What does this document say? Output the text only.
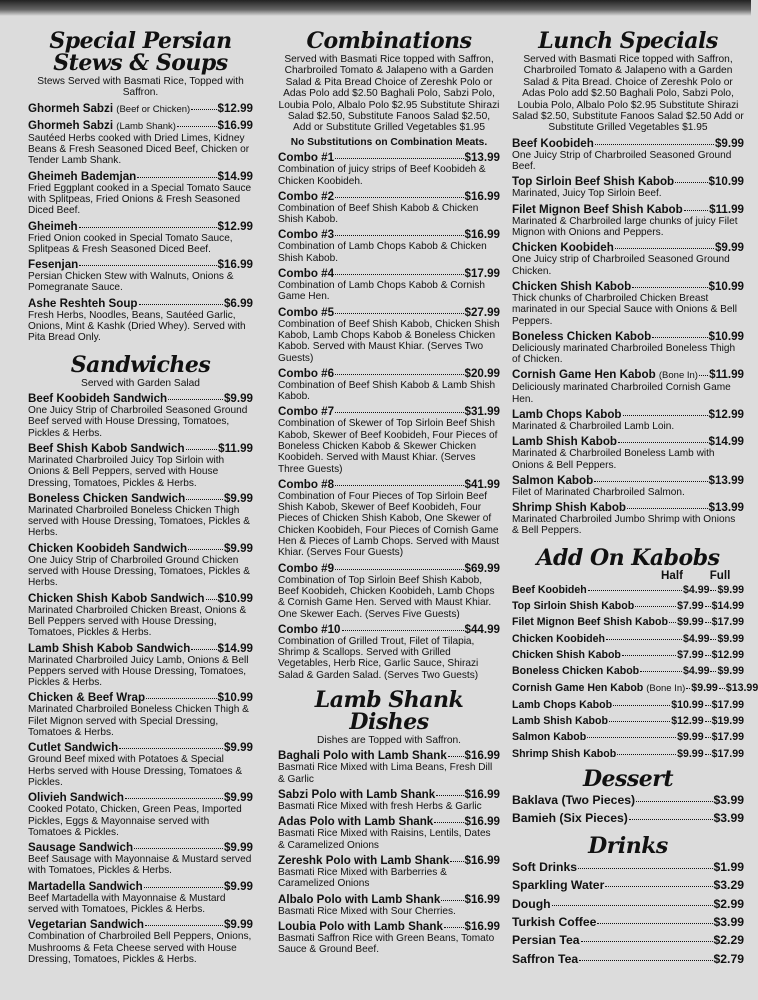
Special Persian
Stews & Soups
Stews Served with Basmati Rice, Topped with Saffron.
Ghormeh Sabzi (Beef or Chicken) $12.99
Ghormeh Sabzi (Lamb Shank)	$16.99
Sautéed Herbs cooked with Dried Limes, Kidney Beans & Fresh Seasoned Diced Beef, Chicken or Tender Lamb Shank.
Gheimeh Bademjan	$14.99
Fried Eggplant cooked in a Special Tomato Sauce with Splitpeas, Fried Onions & Fresh Seasoned Diced Beef.
Gheimeh	$12.99
Fried Onion cooked in Special Tomato Sauce, Splitpeas & Fresh Seasoned Diced Beef.
Fesenjan	$16.99
Persian Chicken Stew with Walnuts, Onions & Pomegranate Sauce.
Ashe Reshteh Soup	$6.99
Fresh Herbs, Noodles, Beans, Sautéed Garlic, Onions, Mint & Kashk (Dried Whey). Served with Pita Bread Only.
Sandwiches
Served with Garden Salad
Beef Koobideh Sandwich	$9.99
One Juicy Strip of Charbroiled Seasoned Ground Beef served with House Dressing, Tomatoes, Pickles & Herbs.
Beef Shish Kabob Sandwich	$11.99
Marinated Charbroiled Juicy Top Sirloin with Onions & Bell Peppers, served with House Dressing, Tomatoes, Pickles & Herbs.
Boneless Chicken Sandwich	$9.99
Marinated Charbroiled Boneless Chicken Thigh served with House Dressing, Tomatoes, Pickles & Herbs.
Chicken Koobideh Sandwich	$9.99
One Juicy Strip of Charbroiled Ground Chicken served with House Dressing, Tomatoes, Pickles & Herbs.
Chicken Shish Kabob Sandwich $10.99
Marinated Charbroiled Chicken Breast, Onions & Bell Peppers served with House Dressing, Tomatoes, Pickles & Herbs.
Lamb Shish Kabob Sandwich $14.99
Marinated Charbroiled Juicy Lamb, Onions & Bell Peppers served with House Dressing, Tomatoes, Pickles & Herbs.
Chicken & Beef Wrap	$10.99
Marinated Charbroiled Boneless Chicken Thigh & Filet Mignon served with Special Dressing, Tomatoes & Herbs.
Cutlet Sandwich	$9.99
Ground Beef mixed with Potatoes & Special Herbs served with House Dressing, Tomatoes & Pickles.
Olivieh Sandwich	$9.99
Cooked Potato, Chicken, Green Peas, Imported Pickles, Eggs & Mayonnaise served with Tomatoes & Pickles.
Sausage Sandwich	$9.99
Beef Sausage with Mayonnaise & Mustard served with Tomatoes, Pickles & Herbs.
Martadella Sandwich	$9.99
Beef Martadella with Mayonnaise & Mustard served with Tomatoes, Pickles & Herbs.
Vegetarian Sandwich	$9.99
Combination of Charbroiled Bell Peppers, Onions, Mushrooms & Feta Cheese served with House Dressing, Tomatoes, Pickles & Herbs.
Combinations
Served with Basmati Rice topped with Saffron, Charbroiled Tomato & Jalapeno with a Garden Salad & Pita Bread Choice of Zereshk Polo or Adas Polo add $2.50 Baghali Polo, Sabzi Polo, Loubia Polo, Albalo Polo $2.95 Substitute Shirazi Salad $2.50, Substitute Fanoos Salad $2.50, Add or Substitute Grilled Vegetables $1.95
No Substitutions on Combination Meats.
Combo #1	$13.99
Combination of juicy strips of Beef Koobideh & Chicken Koobideh.
Combo #2	$16.99
Combination of Beef Shish Kabob & Chicken Shish Kabob.
Combo #3	$16.99
Combination of Lamb Chops Kabob & Chicken Shish Kabob.
Combo #4	$17.99
Combination of Lamb Chops Kabob & Cornish Game Hen.
Combo #5	$27.99
Combination of Beef Shish Kabob, Chicken Shish Kabob, Lamb Chops Kabob & Boneless Chicken Kabob. Served with Maust Khiar. (Serves Two Guests)
Combo #6	$20.99
Combination of Beef Shish Kabob & Lamb Shish Kabob.
Combo #7	$31.99
Combination of Skewer of Top Sirloin Beef Shish Kabob, Skewer of Beef Koobideh, Four Pieces of Boneless Chicken Kabob & Skewer Chicken Koobideh. Served with Maust Khiar. (Serves Three Guests)
Combo #8	$41.99
Combination of Four Pieces of Top Sirloin Beef Shish Kabob, Skewer of Beef Koobideh, Four Pieces of Chicken Shish Kabob, One Skewer of Chicken Koobideh, Four Pieces of Cornish Game Hen & Pieces of Lamb Chops. Served with Maust Khiar. (Serves Four Guests)
Combo #9	$69.99
Combination of Top Sirloin Beef Shish Kabob, Beef Koobideh, Chicken Koobideh, Lamb Chops & Cornish Game Hen. Served with Maust Khiar. One Skewer Each. (Serves Five Guests)
Combo #10	$44.99
Combination of Grilled Trout, Filet of Tilapia, Shrimp & Scallops. Served with Grilled Vegetables, Herb Rice, Garlic Sauce, Shirazi Salad & Garden Salad. (Serves Two Guests)
Lamb Shank Dishes
Dishes are Topped with Saffron.
Baghali Polo with Lamb Shank $16.99
Basmati Rice Mixed with Lima Beans, Fresh Dill & Garlic
Sabzi Polo with Lamb Shank	$16.99
Basmati Rice Mixed with fresh Herbs & Garlic
Adas Polo with Lamb Shank	$16.99
Basmati Rice Mixed with Raisins, Lentils, Dates & Caramelized Onions
Zereshk Polo with Lamb Shank $16.99
Basmati Rice Mixed with Barberries & Caramelized Onions
Albalo Polo with Lamb Shank $16.99
Basmati Rice Mixed with Sour Cherries.
Loubia Polo with Lamb Shank $16.99
Basmati Saffron Rice with Green Beans, Tomato Sauce & Ground Beef.
Lunch Specials
Served with Basmati Rice topped with Saffron, Charbroiled Tomato & Jalapeno with a Garden Salad & Pita Bread. Choice of Zereshk Polo or Adas Polo add $2.50 Baghali Polo, Sabzi Polo, Loubia Polo, Albalo Polo $2.95 Substitute Shirazi Salad $2.50, Substitute Fanoos Salad $2.50 Add or Substitute Grilled Vegetables $1.95
Beef Koobideh	$9.99
One Juicy Strip of Charbroiled Seasoned Ground Beef.
Top Sirloin Beef Shish Kabob	$10.99
Marinated, Juicy Top Sirloin Beef.
Filet Mignon Beef Shish Kabob $11.99
Marinated & Charbroiled large chunks of juicy Filet Mignon with Onions and Peppers.
Chicken Koobideh	$9.99
One Juicy strip of Charbroiled Seasoned Ground Chicken.
Chicken Shish Kabob	$10.99
Thick chunks of Charbroiled Chicken Breast marinated in our Special Sauce with Onions & Bell Peppers.
Boneless Chicken Kabob	$10.99
Deliciously marinated Charbroiled Boneless Thigh of Chicken.
Cornish Game Hen Kabob (Bone In) $11.99
Deliciously marinated Charbroiled Cornish Game Hen.
Lamb Chops Kabob	$12.99
Marinated & Charbroiled Lamb Loin.
Lamb Shish Kabob	$14.99
Marinated & Charbroiled Boneless Lamb with Onions & Bell Peppers.
Salmon Kabob	$13.99
Filet of Marinated Charbroiled Salmon.
Shrimp Shish Kabob	$13.99
Marinated Charbroiled Jumbo Shrimp with Onions & Bell Peppers.
Add On Kabobs
Half	Full
Beef Koobideh	$4.99 $9.99
Top Sirloin Shish Kabob	$7.99 $14.99
Filet Mignon Beef Shish Kabob $9.99 $17.99
Chicken Koobideh	$4.99 $9.99
Chicken Shish Kabob	$7.99 $12.99
Boneless Chicken Kabob	$4.99 $9.99
Cornish Game Hen Kabob (Bone In) $9.99 $13.99
Lamb Chops Kabob	$10.99 $17.99
Lamb Shish Kabob	$12.99 $19.99
Salmon Kabob	$9.99 $17.99
Shrimp Shish Kabob	$9.99 $17.99
Dessert
Baklava (Two Pieces)	$3.99
Bamieh (Six Pieces)	$3.99
Drinks
Soft Drinks	$1.99
Sparkling Water	$3.29
Dough	$2.99
Turkish Coffee	$3.99
Persian Tea	$2.29
Saffron Tea	$2.79
